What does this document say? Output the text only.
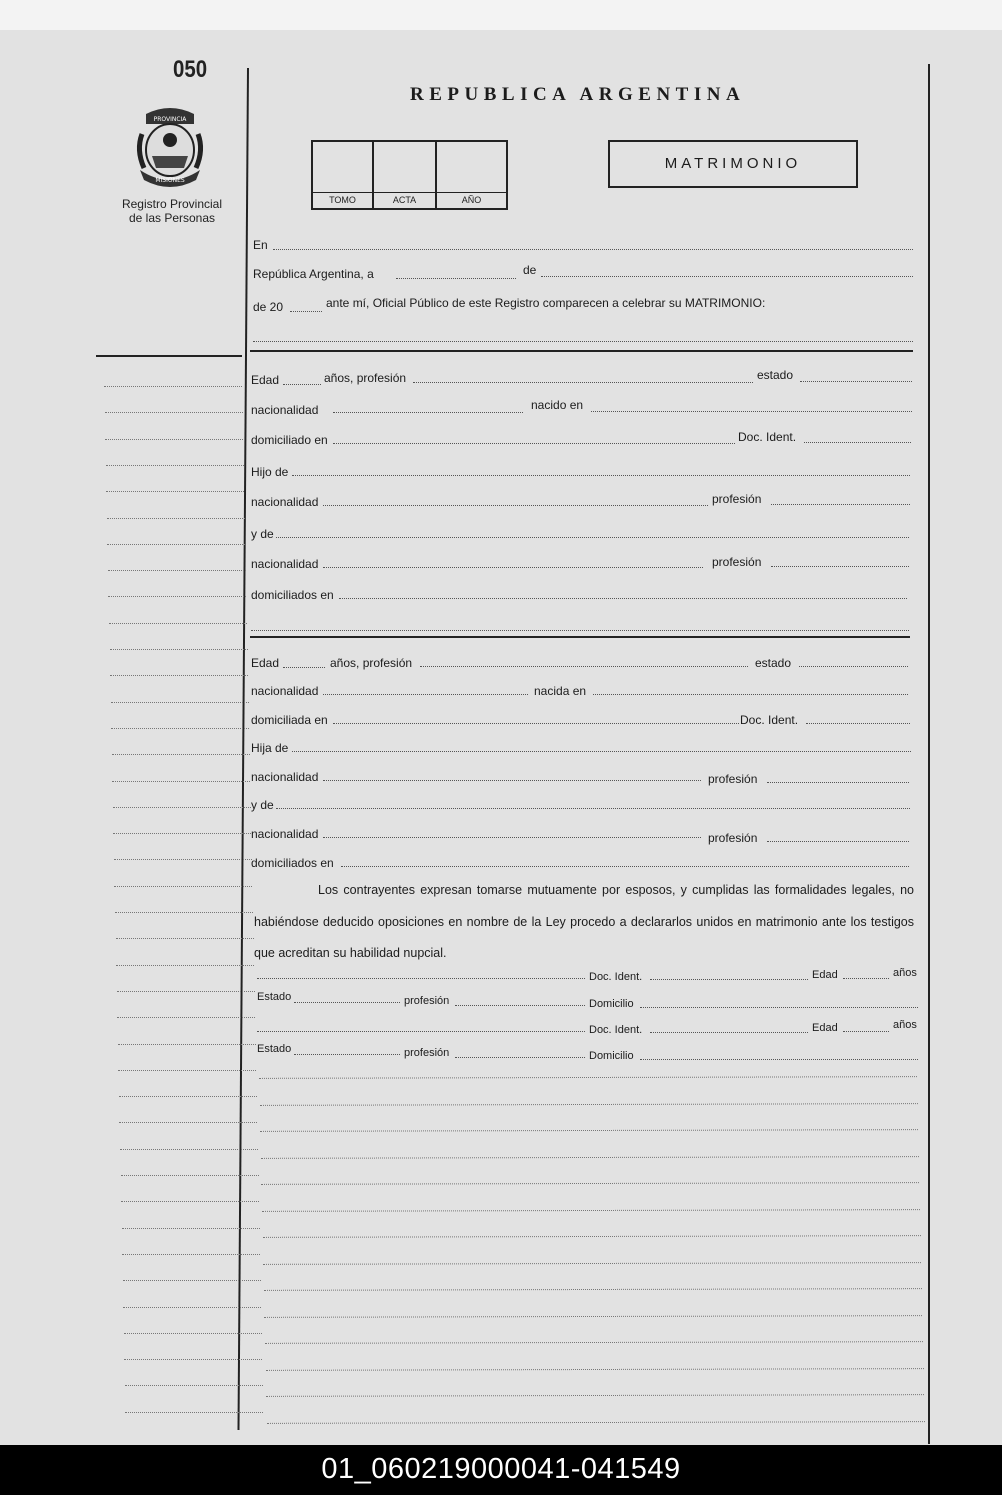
050
PROVINCIA
MISIONES
Registro Provincial
de las Personas
REPUBLICA ARGENTINA
TOMO	ACTA	AÑO
MATRIMONIO
En
República Argentina, a	de
de 20	ante mí, Oficial Público de este Registro comparecen a celebrar su MATRIMONIO:
Edad	años, profesión	estado
nacionalidad	nacido en
domiciliado en	Doc. Ident.
Hijo de
nacionalidad	profesión
y de
nacionalidad	profesión
domiciliados en
Edad	años, profesión	estado
nacionalidad	nacida en
domiciliada en	Doc. Ident.
Hija de
nacionalidad	profesión
y de
nacionalidad	profesión
domiciliados en
Los contrayentes expresan tomarse mutuamente por esposos, y cumplidas las formalidades legales, no habiéndose deducido oposiciones en nombre de la Ley procedo a declararlos unidos en matrimonio ante los testigos que acreditan su habilidad nupcial.
Doc. Ident.	Edad	años
Estado	profesión	Domicilio
Doc. Ident.	Edad	años
Estado	profesión	Domicilio
01_060219000041-041549
